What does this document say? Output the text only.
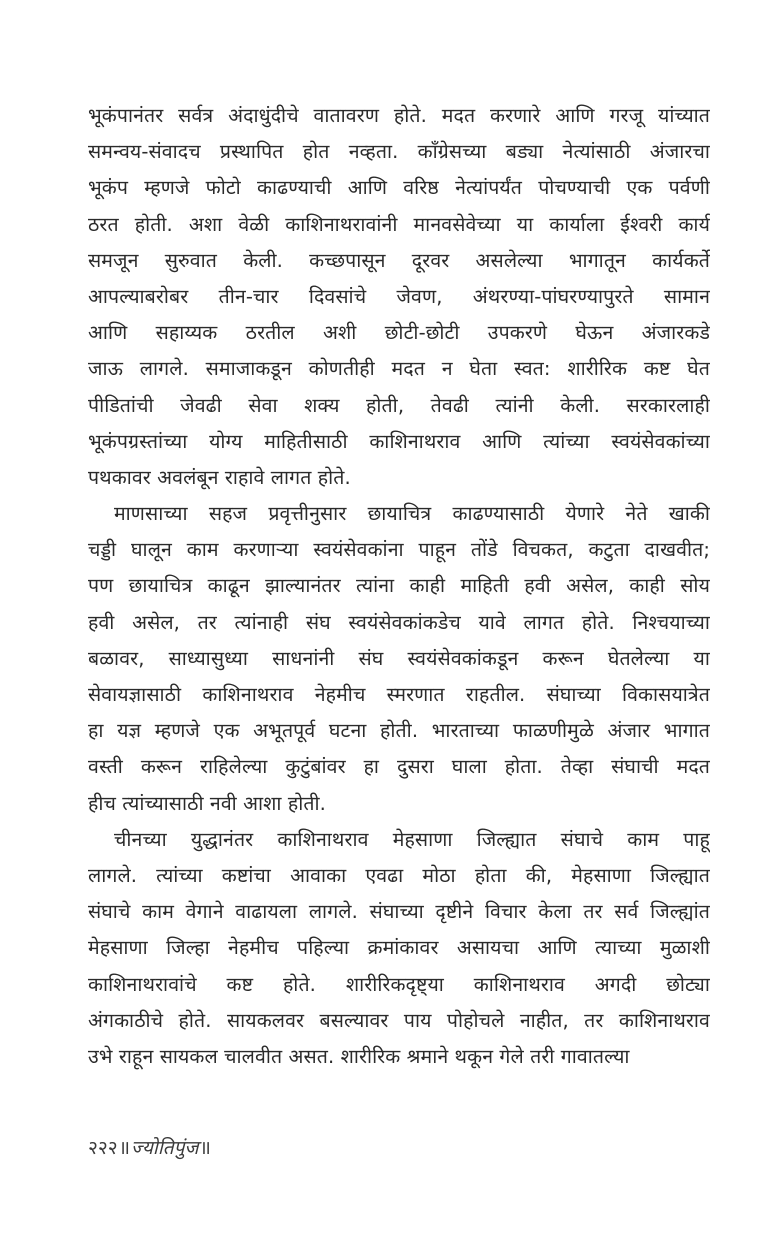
भूकंपानंतर सर्वत्र अंदाधुंदीचे वातावरण होते. मदत करणारे आणि गरजू यांच्यात
समन्वय-संवादच प्रस्थापित होत नव्हता. काँग्रेसच्या बड्या नेत्यांसाठी अंजारचा
भूकंप म्हणजे फोटो काढण्याची आणि वरिष्ठ नेत्यांपर्यंत पोचण्याची एक पर्वणी
ठरत होती. अशा वेळी काशिनाथरावांनी मानवसेवेच्या या कार्याला ईश्वरी कार्य
समजून सुरुवात केली. कच्छपासून दूरवर असलेल्या भागातून कार्यकर्ते
आपल्याबरोबर तीन-चार दिवसांचे जेवण, अंथरण्या-पांघरण्यापुरते सामान
आणि सहाय्यक ठरतील अशी छोटी-छोटी उपकरणे घेऊन अंजारकडे
जाऊ लागले. समाजाकडून कोणतीही मदत न घेता स्वत: शारीरिक कष्ट घेत
पीडितांची जेवढी सेवा शक्य होती, तेवढी त्यांनी केली. सरकारलाही
भूकंपग्रस्तांच्या योग्य माहितीसाठी काशिनाथराव आणि त्यांच्या स्वयंसेवकांच्या
पथकावर अवलंबून राहावे लागत होते.
माणसाच्या सहज प्रवृत्तीनुसार छायाचित्र काढण्यासाठी येणारे नेते खाकी
चड्डी घालून काम करणाऱ्या स्वयंसेवकांना पाहून तोंडे विचकत, कटुता दाखवीत;
पण छायाचित्र काढून झाल्यानंतर त्यांना काही माहिती हवी असेल, काही सोय
हवी असेल, तर त्यांनाही संघ स्वयंसेवकांकडेच यावे लागत होते. निश्चयाच्या
बळावर, साध्यासुध्या साधनांनी संघ स्वयंसेवकांकडून करून घेतलेल्या या
सेवायज्ञासाठी काशिनाथराव नेहमीच स्मरणात राहतील. संघाच्या विकासयात्रेत
हा यज्ञ म्हणजे एक अभूतपूर्व घटना होती. भारताच्या फाळणीमुळे अंजार भागात
वस्ती करून राहिलेल्या कुटुंबांवर हा दुसरा घाला होता. तेव्हा संघाची मदत
हीच त्यांच्यासाठी नवी आशा होती.
चीनच्या युद्धानंतर काशिनाथराव मेहसाणा जिल्ह्यात संघाचे काम पाहू
लागले. त्यांच्या कष्टांचा आवाका एवढा मोठा होता की, मेहसाणा जिल्ह्यात
संघाचे काम वेगाने वाढायला लागले. संघाच्या दृष्टीने विचार केला तर सर्व जिल्ह्यांत
मेहसाणा जिल्हा नेहमीच पहिल्या क्रमांकावर असायचा आणि त्याच्या मुळाशी
काशिनाथरावांचे कष्ट होते. शारीरिकदृष्ट्या काशिनाथराव अगदी छोट्या
अंगकाठीचे होते. सायकलवर बसल्यावर पाय पोहोचले नाहीत, तर काशिनाथराव
उभे राहून सायकल चालवीत असत. शारीरिक श्रमाने थकून गेले तरी गावातल्या
२२२॥ज्योतिपुंज॥
